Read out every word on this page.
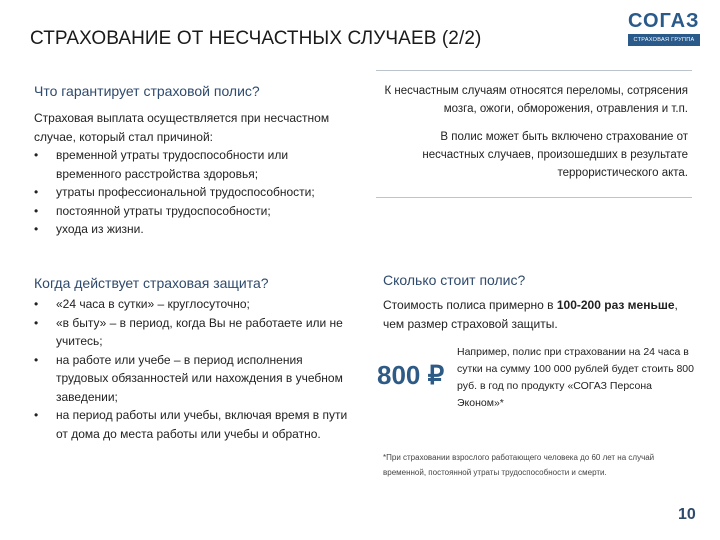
СТРАХОВАНИЕ ОТ НЕСЧАСТНЫХ СЛУЧАЕВ (2/2)
СОГАЗ
СТРАХОВАЯ ГРУППА
Что гарантирует страховой полис?
Страховая выплата осуществляется при несчастном случае, который стал причиной:
• временной утраты трудоспособности или временного расстройства здоровья;
• утраты профессиональной трудоспособности;
• постоянной утраты трудоспособности;
• ухода из жизни.
К несчастным случаям относятся переломы, сотрясения мозга, ожоги, обморожения, отравления и т.п.
В полис может быть включено страхование от несчастных случаев, произошедших в результате террористического акта.
Когда действует страховая защита?
• «24 часа в сутки» – круглосуточно;
• «в быту» – в период, когда Вы не работаете или не учитесь;
• на работе или учебе – в период исполнения трудовых обязанностей или нахождения в учебном заведении;
• на период работы или учебы, включая время в пути от дома до места работы или учебы и обратно.
Сколько стоит полис?
Стоимость полиса примерно в 100-200 раз меньше, чем размер страховой защиты.
800 ₽
Например, полис при страховании на 24 часа в сутки на сумму 100 000 рублей будет стоить 800 руб. в год по продукту «СОГАЗ Персона Эконом»*
*При страховании взрослого работающего человека до 60 лет на случай временной, постоянной утраты трудоспособности и смерти.
10
